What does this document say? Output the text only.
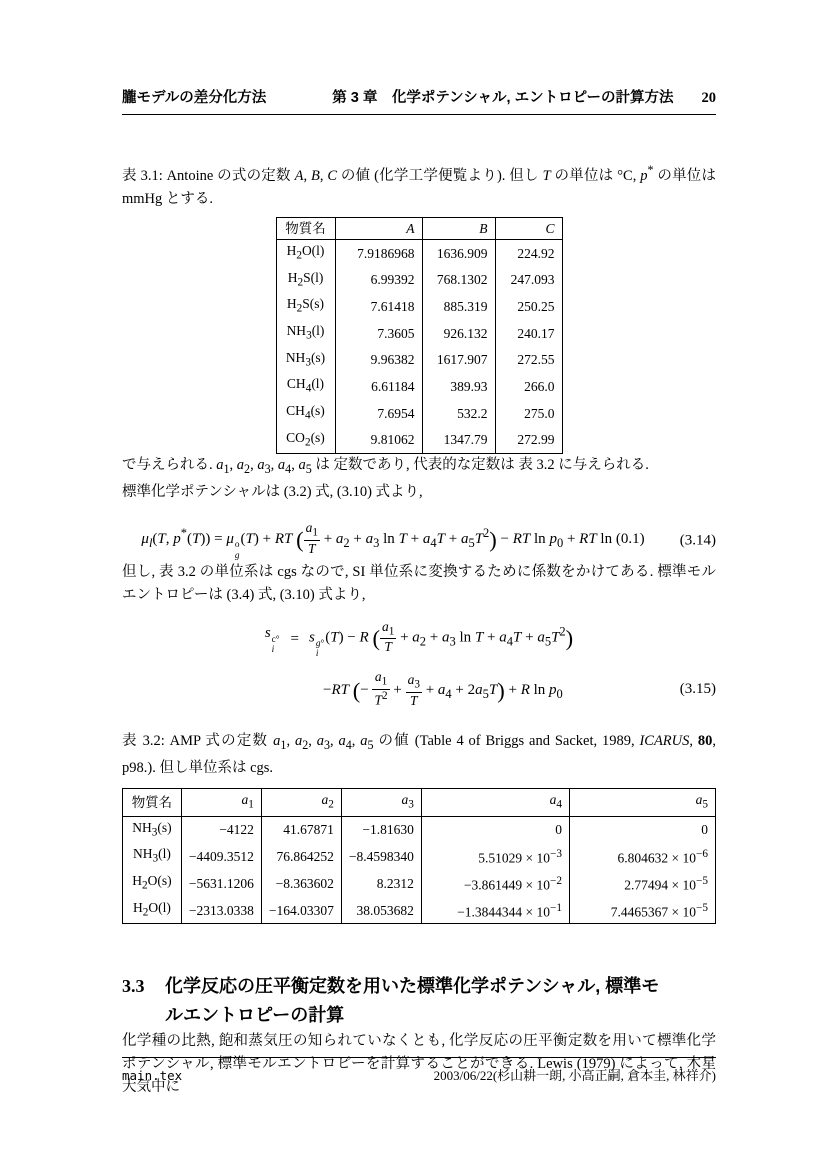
朧モデルの差分化方法	第 3 章　化学ポテンシャル, エントロピーの計算方法 20

表 3.1: Antoine の式の定数 A, B, C の値 (化学工学便覧より). 但し T の単位は °C, p* の単位は mmHg とする.

物質名	A	B	C
$H_2O(l)$	7.9186968	1636.909	224.92
$H_2S(l)$	6.99392	768.1302	247.093
$H_2S(s)$	7.61418	885.319	250.25
$NH_3(l)$	7.3605	926.132	240.17
$NH_3(s)$	9.96382	1617.907	272.55
$CH_4(l)$	6.61184	389.93	266.0
$CH_4(s)$	7.6954	532.2	275.0
$CO_2(s)$	9.81062	1347.79	272.99

で与えられる. $a_1$, $a_2$, $a_3$, $a_4$, $a_5$ は 定数であり, 代表的な定数は 表 3.2 に与えられる.

標準化学ポテンシャルは (3.2) 式, (3.10) 式より,

$\mu_l(T$, p*(T)) = μ o
g
(T) + RT ( $\frac{a_1}{T} + a_2 + a_3$ $\ln T + a_4T + a_5T^2$) − RT $\ln p_0$ + RT ln (0.1) (3.14)

但し, 表 3.2 の単位系は cgs なので, SI 単位系に変換するために係数をかけてある. 標準モルエントロピーは (3.4) 式, (3.10) 式より,

s c°
i
= s g°
i
(T) − R ( $\frac{a_1}{T} + a_2 + a_3$ $\ln T + a_4T + a_5T^2$)
−RT (− $\frac{a_1}{T^2} + \frac{a_3}{T} + a_4 + 2a_5T) + R$ $\ln p_0$	(3.15)

表 3.2: AMP 式の定数 $a_1$, $a_2$, $a_3$, $a_4$, $a_5$ の値 (Table 4 of Briggs and Sacket, 1989, ICARUS, 80, p98.). 但し単位系は cgs.

物質名	$a_1$	$a_2$	$a_3$	$a_4$	$a_5$
$NH_3(s)$	−4122	41.67871	−1.81630	0	0
$NH_3(l)$	−4409.3512	76.864252	−8.4598340	$5.51029 \times 10^{-3}$	$6.804632 \times 10^{-6}$
$H_2O(s)$	−5631.1206	−8.363602	8.2312	$-3.861449 \times 10^{-2}$	$2.77494 \times 10^{-5}$
$H_2O(l)$	−2313.0338	−164.03307	38.053682	$-1.3844344 \times 10^{-1}$	$7.4465367 \times 10^{-5}$
3.3	化学反応の圧平衡定数を用いた標準化学ポテンシャル, 標準モ
ルエントロピーの計算

化学種の比熱, 飽和蒸気圧の知られていなくとも, 化学反応の圧平衡定数を用いて標準化学ポテンシャル, 標準モルエントロピーを計算することができる. Lewis (1979) によって, 木星大気中に

main.tex	2003/06/22(杉山耕一朗, 小高正嗣, 倉本圭, 林祥介)
